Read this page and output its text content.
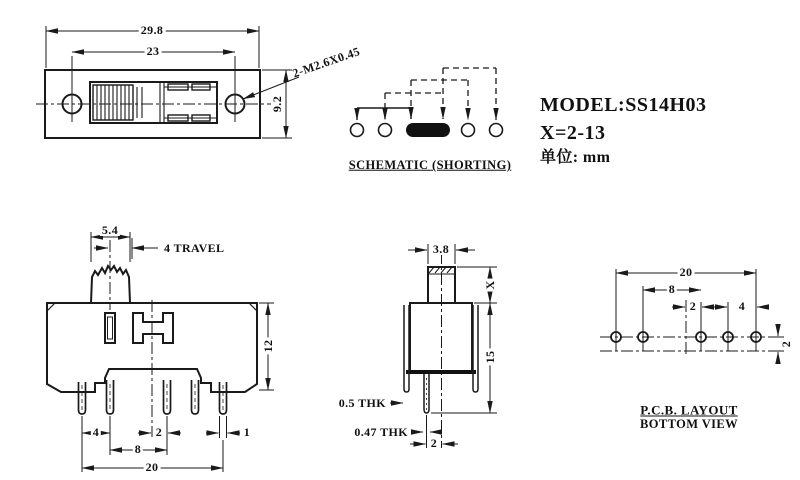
29.8
23
9.2
2-M2.6X0.45
SCHEMATIC (SHORTING)
MODEL:SS14H03
X=2-13
单位: mm
5.4
4 TRAVEL
12
4	2
8
1
20
3.8
X
15
0.5 THK
0.47 THK
2
20
8
2	4
2
P.C.B. LAYOUT
BOTTOM VIEW
